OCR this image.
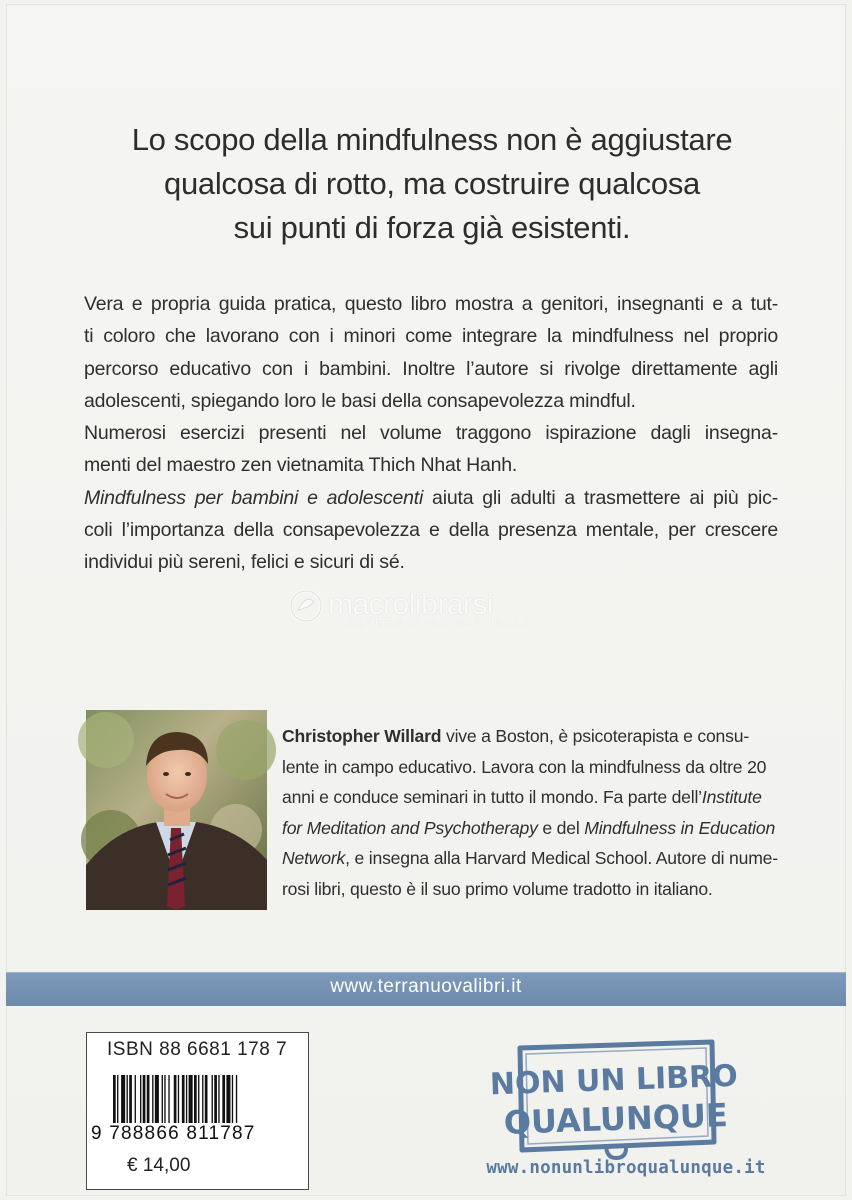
Lo scopo della mindfulness non è aggiustare
qualcosa di rotto, ma costruire qualcosa
sui punti di forza già esistenti.
Vera e propria guida pratica, questo libro mostra a genitori, insegnanti e a tut-
ti coloro che lavorano con i minori come integrare la mindfulness nel proprio
percorso educativo con i bambini. Inoltre l’autore si rivolge direttamente agli
adolescenti, spiegando loro le basi della consapevolezza mindful.
Numerosi esercizi presenti nel volume traggono ispirazione dagli insegna-
menti del maestro zen vietnamita Thich Nhat Hanh.
Mindfulness per bambini e adolescenti aiuta gli adulti a trasmettere ai più pic-
coli l’importanza della consapevolezza e della presenza mentale, per crescere
individui più sereni, felici e sicuri di sé.
macrolibrarsi
ALTERNATIVA NATURALE
Christopher Willard vive a Boston, è psicoterapista e consu-
lente in campo educativo. Lavora con la mindfulness da oltre 20
anni e conduce seminari in tutto il mondo. Fa parte dell’Institute
for Meditation and Psychotherapy e del Mindfulness in Education
Network, e insegna alla Harvard Medical School. Autore di nume-
rosi libri, questo è il suo primo volume tradotto in italiano.
www.terranuovalibri.it
ISBN 88 6681 178 7
9 788866 811787
€ 14,00
NON UN LIBRO
QUALUNQUE
www.nonunlibroqualunque.it
